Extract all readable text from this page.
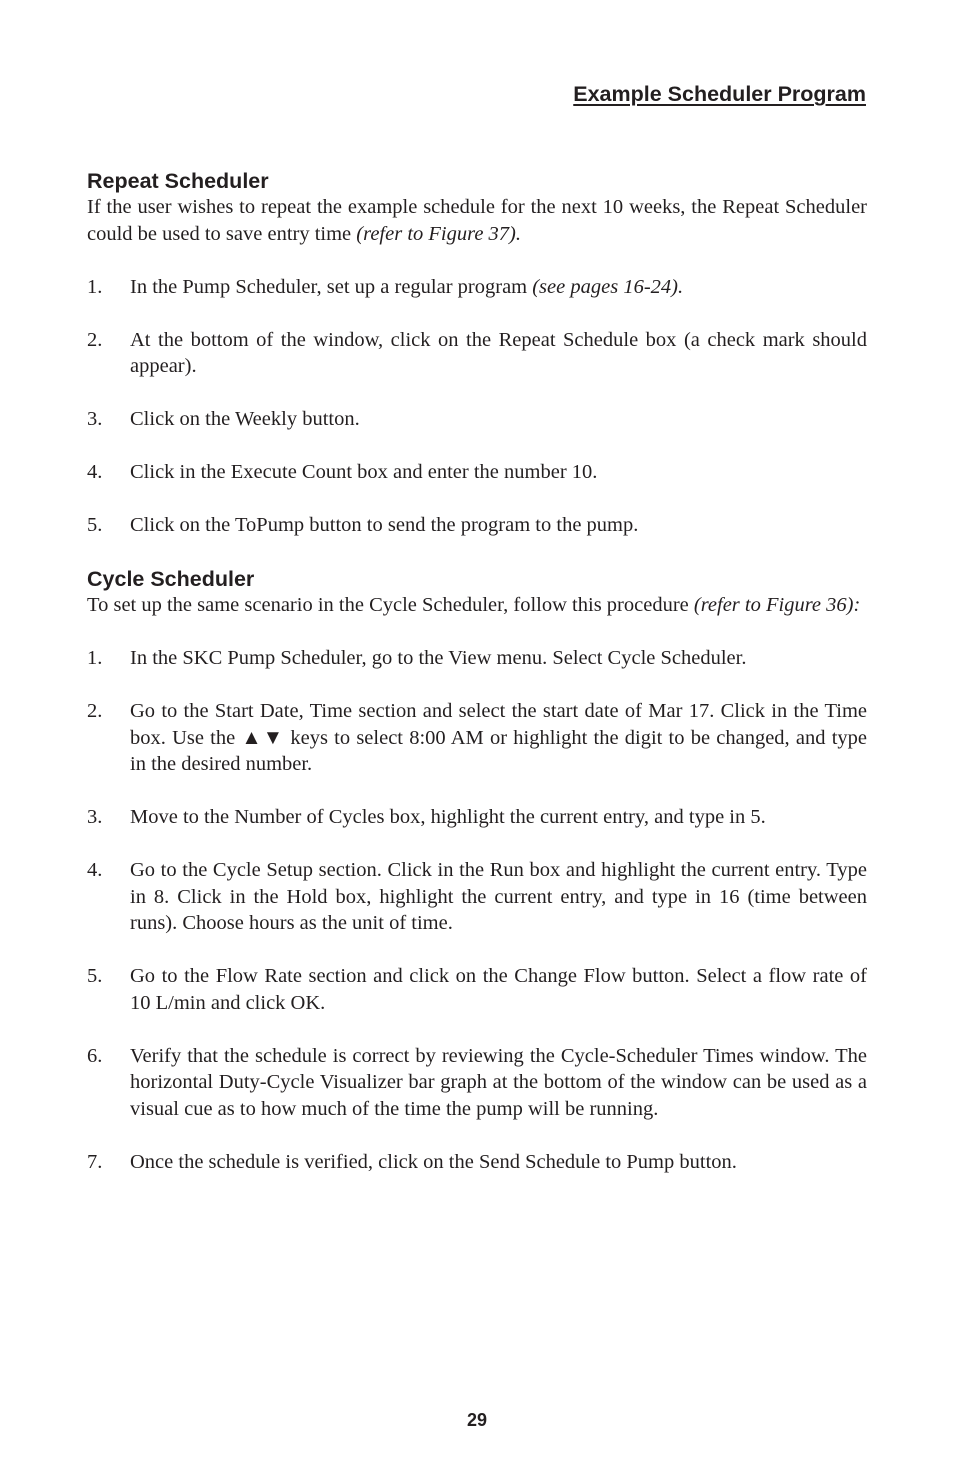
Example Scheduler Program
Repeat Scheduler

If the user wishes to repeat the example schedule for the next 10 weeks, the Repeat Scheduler could be used to save entry time (refer to Figure 37).

1. In the Pump Scheduler, set up a regular program (see pages 16-24).
2. At the bottom of the window, click on the Repeat Schedule box (a check mark should appear).
3. Click on the Weekly button.
4. Click in the Execute Count box and enter the number 10.
5. Click on the ToPump button to send the program to the pump.
Cycle Scheduler

To set up the same scenario in the Cycle Scheduler, follow this procedure (refer to Figure 36):

1. In the SKC Pump Scheduler, go to the View menu. Select Cycle Scheduler.
2. Go to the Start Date, Time section and select the start date of Mar 17. Click in the Time box. Use the ▲▼ keys to select 8:00 AM or highlight the digit to be changed, and type in the desired number.
3. Move to the Number of Cycles box, highlight the current entry, and type in 5.
4. Go to the Cycle Setup section. Click in the Run box and highlight the current entry. Type in 8. Click in the Hold box, highlight the current entry, and type in 16 (time between runs). Choose hours as the unit of time.
5. Go to the Flow Rate section and click on the Change Flow button. Select a flow rate of 10 L/min and click OK.
6. Verify that the schedule is correct by reviewing the Cycle-Scheduler Times window. The horizontal Duty-Cycle Visualizer bar graph at the bottom of the window can be used as a visual cue as to how much of the time the pump will be running.
7. Once the schedule is verified, click on the Send Schedule to Pump button.
29
